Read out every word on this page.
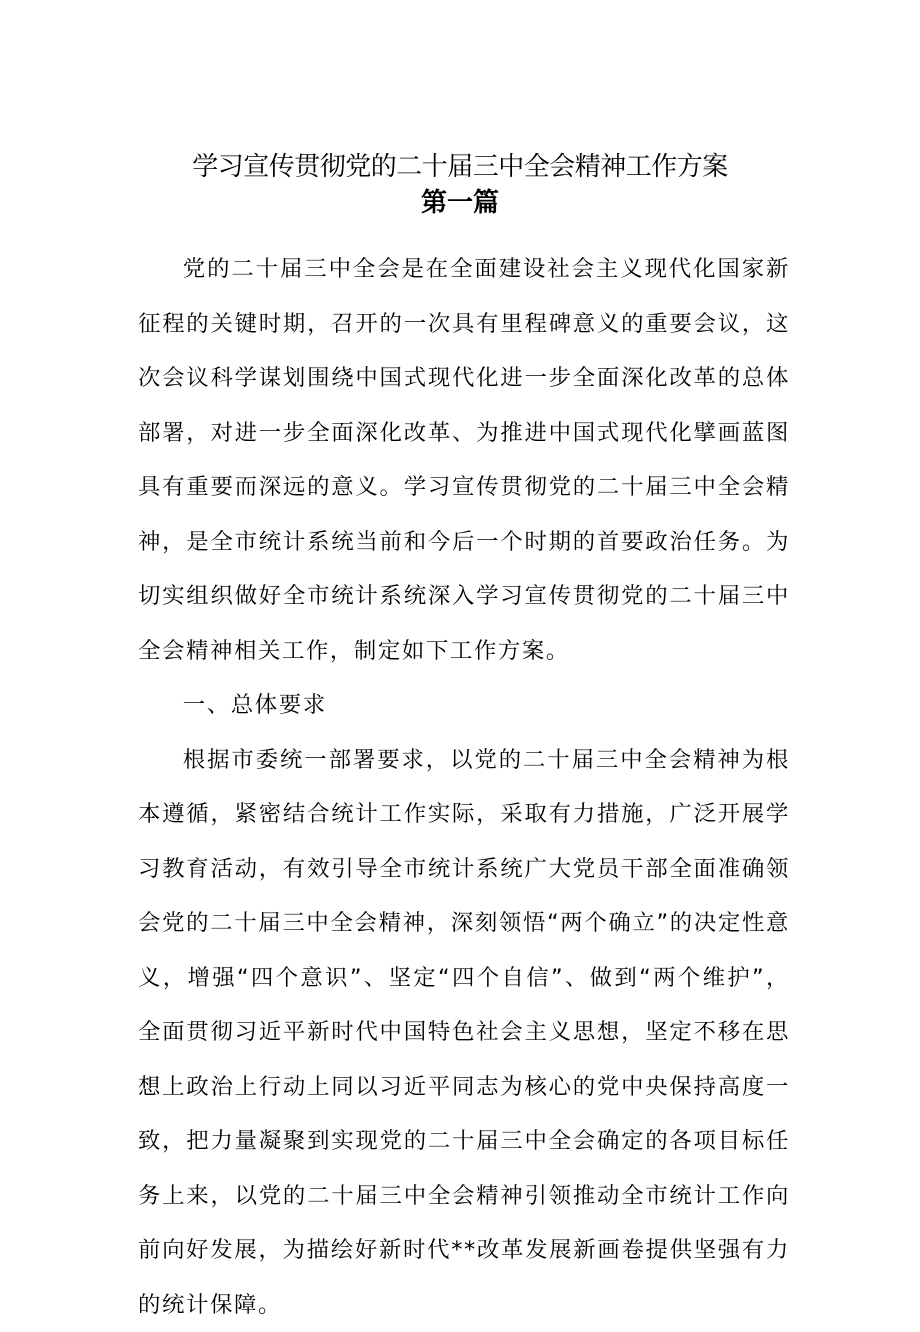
学习宣传贯彻党的二十届三中全会精神工作方案
第一篇

党的二十届三中全会是在全面建设社会主义现代化国家新征程的关键时期，召开的一次具有里程碑意义的重要会议，这次会议科学谋划围绕中国式现代化进一步全面深化改革的总体部署，对进一步全面深化改革、为推进中国式现代化擘画蓝图具有重要而深远的意义。学习宣传贯彻党的二十届三中全会精神，是全市统计系统当前和今后一个时期的首要政治任务。为切实组织做好全市统计系统深入学习宣传贯彻党的二十届三中全会精神相关工作，制定如下工作方案。

一、总体要求

根据市委统一部署要求，以党的二十届三中全会精神为根本遵循，紧密结合统计工作实际，采取有力措施，广泛开展学习教育活动，有效引导全市统计系统广大党员干部全面准确领会党的二十届三中全会精神，深刻领悟“两个确立”的决定性意义，增强“四个意识”、坚定“四个自信”、做到“两个维护”，全面贯彻习近平新时代中国特色社会主义思想，坚定不移在思想上政治上行动上同以习近平同志为核心的党中央保持高度一致，把力量凝聚到实现党的二十届三中全会确定的各项目标任务上来，以党的二十届三中全会精神引领推动全市统计工作向前向好发展，为描绘好新时代**改革发展新画卷提供坚强有力的统计保障。
